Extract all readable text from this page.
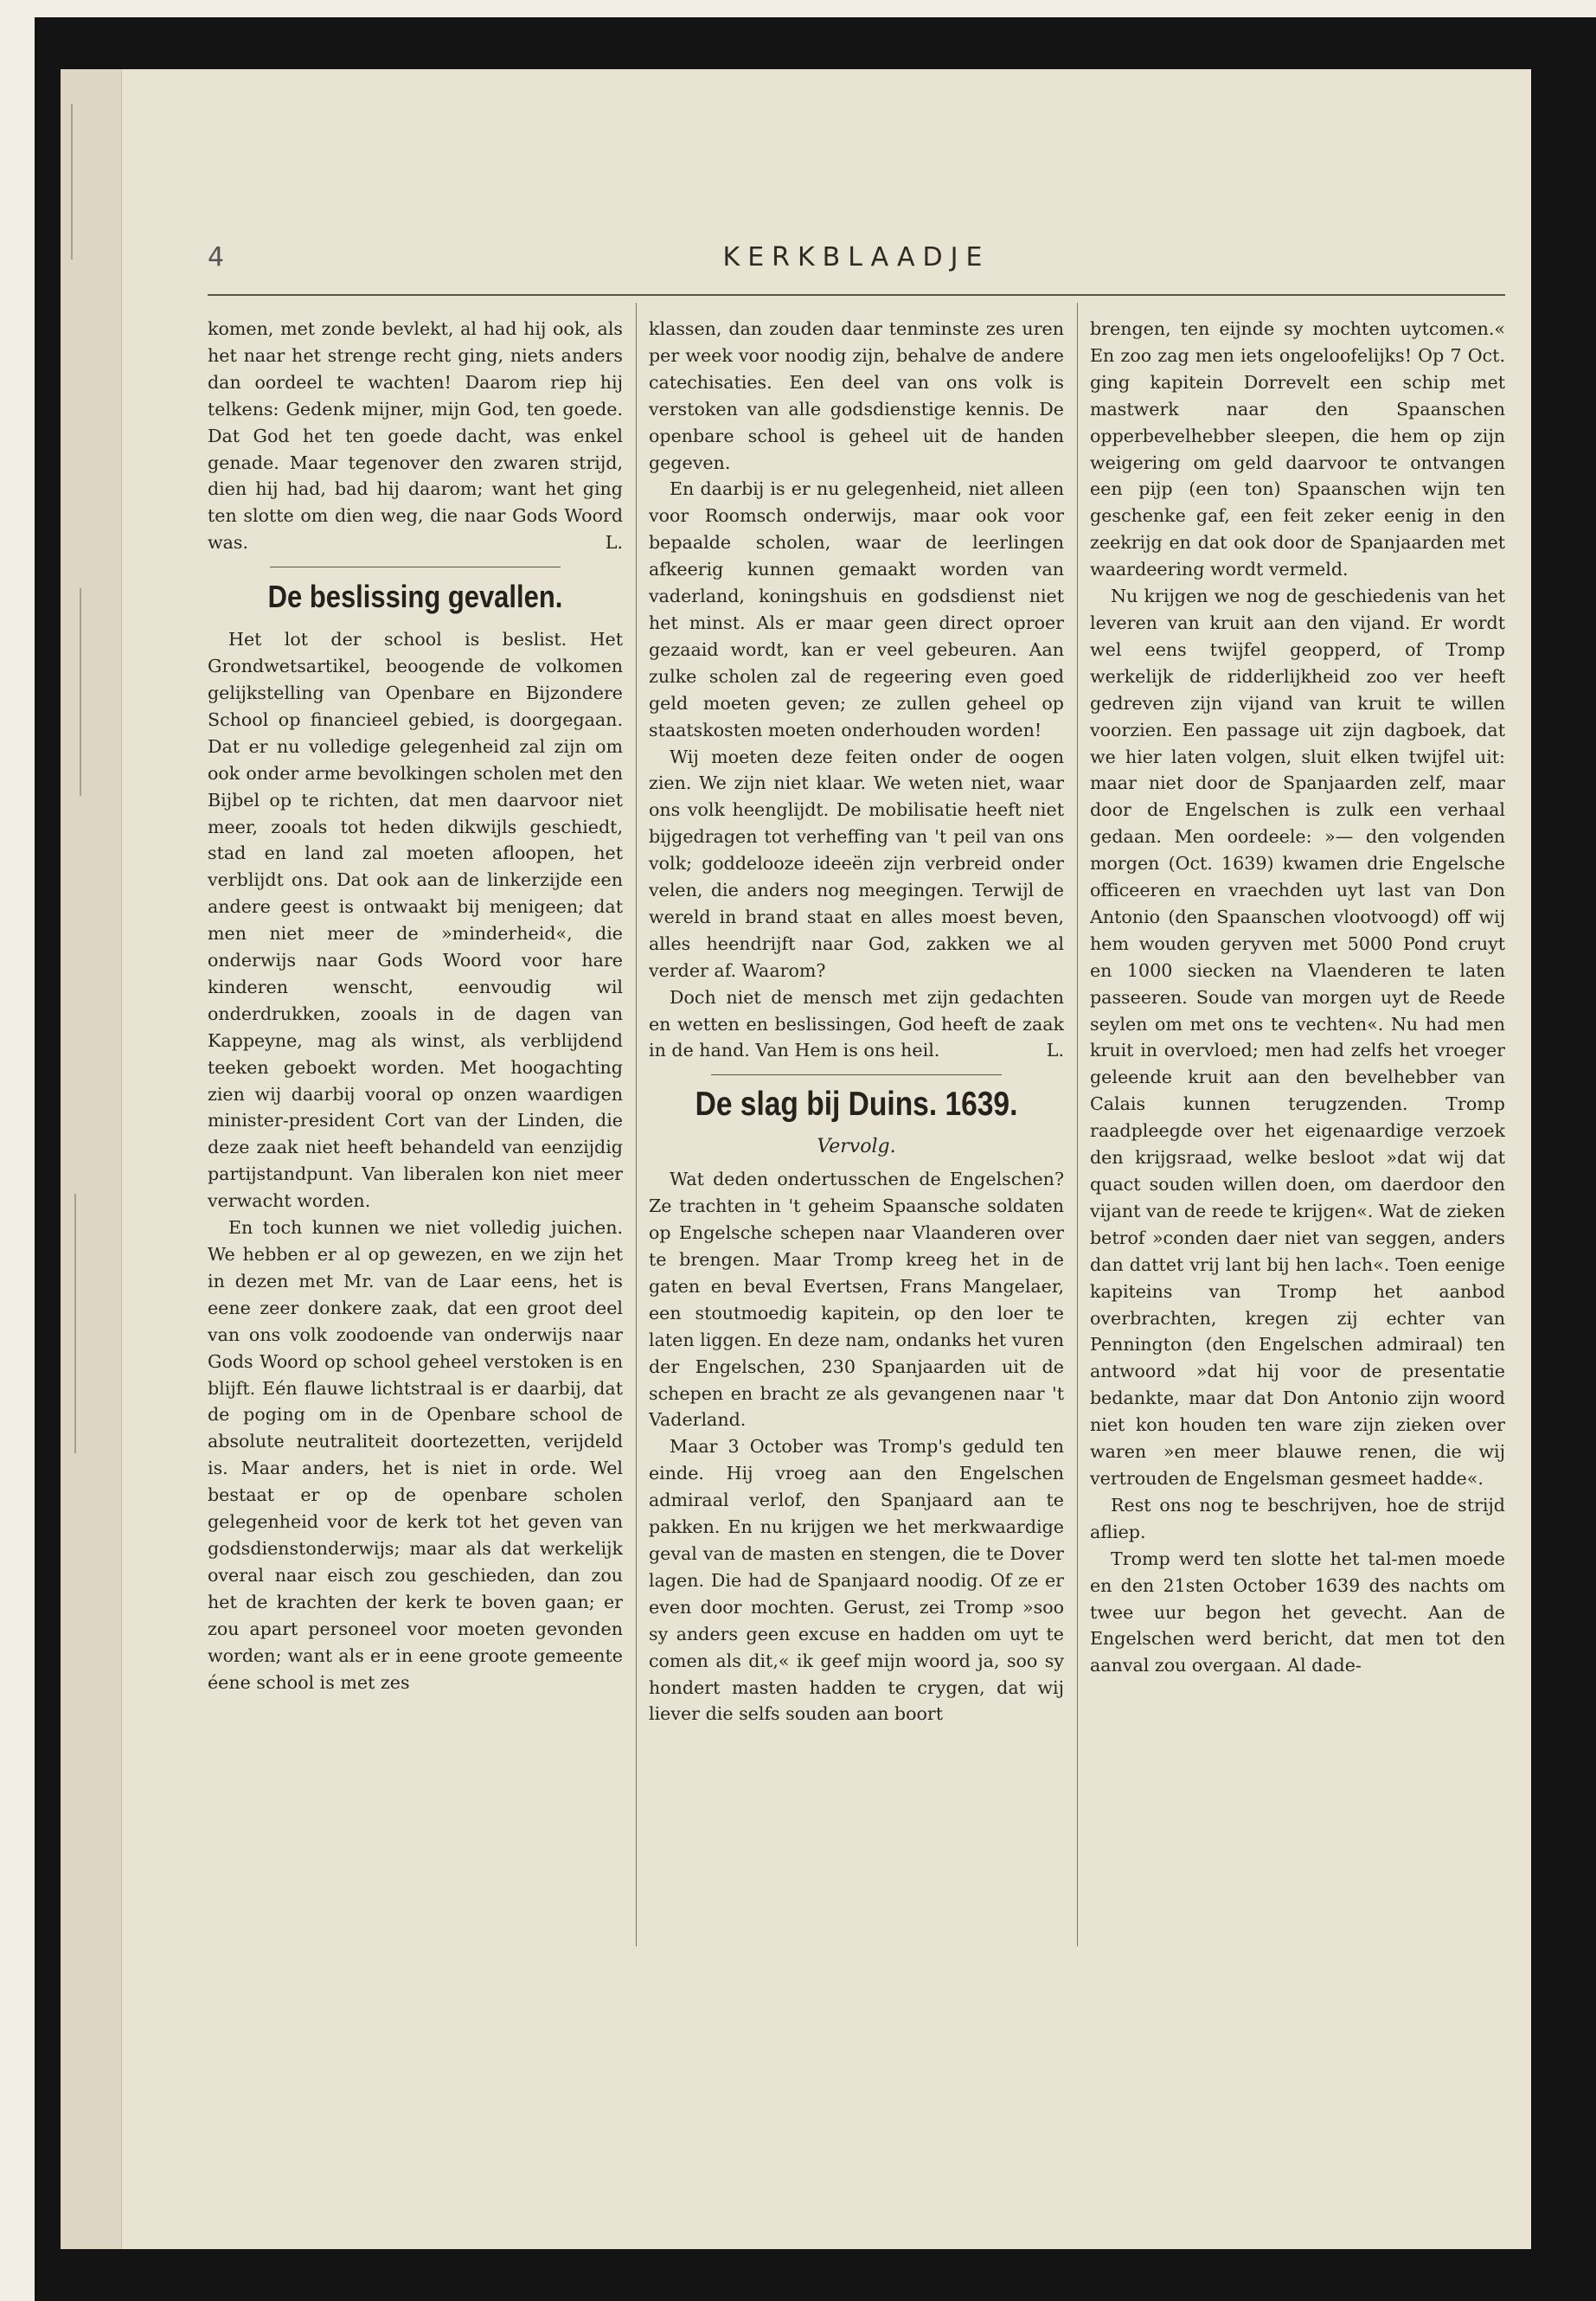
4	KERKBLAADJE

komen, met zonde bevlekt, al had hij ook, als het naar het strenge recht ging, niets anders dan oordeel te wachten! Daarom riep hij telkens: Gedenk mijner, mijn God, ten goede. Dat God het ten goede dacht, was enkel genade. Maar tegenover den zwaren strijd, dien hij had, bad hij daarom; want het ging ten slotte om dien weg, die naar Gods Woord was.	L.

De beslissing gevallen.

Het lot der school is beslist. Het Grondwetsartikel, beoogende de volkomen gelijkstelling van Openbare en Bijzondere School op financieel gebied, is doorgegaan. Dat er nu volledige gelegenheid zal zijn om ook onder arme bevolkingen scholen met den Bijbel op te richten, dat men daarvoor niet meer, zooals tot heden dikwijls geschiedt, stad en land zal moeten afloopen, het verblijdt ons. Dat ook aan de linkerzijde een andere geest is ontwaakt bij menigeen; dat men niet meer de »minderheid«, die onderwijs naar Gods Woord voor hare kinderen wenscht, eenvoudig wil onderdrukken, zooals in de dagen van Kappeyne, mag als winst, als verblijdend teeken geboekt worden. Met hoogachting zien wij daarbij vooral op onzen waardigen minister-president Cort van der Linden, die deze zaak niet heeft behandeld van eenzijdig partijstandpunt. Van liberalen kon niet meer verwacht worden.

En toch kunnen we niet volledig juichen. We hebben er al op gewezen, en we zijn het in dezen met Mr. van de Laar eens, het is eene zeer donkere zaak, dat een groot deel van ons volk zoodoende van onderwijs naar Gods Woord op school geheel verstoken is en blijft. Eén flauwe lichtstraal is er daarbij, dat de poging om in de Openbare school de absolute neutraliteit doortezetten, verijdeld is. Maar anders, het is niet in orde. Wel bestaat er op de openbare scholen gelegenheid voor de kerk tot het geven van godsdienstonderwijs; maar als dat werkelijk overal naar eisch zou geschieden, dan zou het de krachten der kerk te boven gaan; er zou apart personeel voor moeten gevonden worden; want als er in eene groote gemeente éene school is met zes

klassen, dan zouden daar tenminste zes uren per week voor noodig zijn, behalve de andere catechisaties. Een deel van ons volk is verstoken van alle godsdienstige kennis. De openbare school is geheel uit de handen gegeven.

En daarbij is er nu gelegenheid, niet alleen voor Roomsch onderwijs, maar ook voor bepaalde scholen, waar de leerlingen afkeerig kunnen gemaakt worden van vaderland, koningshuis en godsdienst niet het minst. Als er maar geen direct oproer gezaaid wordt, kan er veel gebeuren. Aan zulke scholen zal de regeering even goed geld moeten geven; ze zullen geheel op staatskosten moeten onderhouden worden!

Wij moeten deze feiten onder de oogen zien. We zijn niet klaar. We weten niet, waar ons volk heenglijdt. De mobilisatie heeft niet bijgedragen tot verheffing van 't peil van ons volk; goddelooze ideeën zijn verbreid onder velen, die anders nog meegingen. Terwijl de wereld in brand staat en alles moest beven, alles heendrijft naar God, zakken we al verder af. Waarom?

Doch niet de mensch met zijn gedachten en wetten en beslissingen, God heeft de zaak in de hand. Van Hem is ons heil.	L.

De slag bij Duins. 1639.
Vervolg.

Wat deden ondertusschen de Engelschen? Ze trachten in 't geheim Spaansche soldaten op Engelsche schepen naar Vlaanderen over te brengen. Maar Tromp kreeg het in de gaten en beval Evertsen, Frans Mangelaer, een stoutmoedig kapitein, op den loer te laten liggen. En deze nam, ondanks het vuren der Engelschen, 230 Spanjaarden uit de schepen en bracht ze als gevangenen naar 't Vaderland.

Maar 3 October was Tromp's geduld ten einde. Hij vroeg aan den Engelschen admiraal verlof, den Spanjaard aan te pakken. En nu krijgen we het merkwaardige geval van de masten en stengen, die te Dover lagen. Die had de Spanjaard noodig. Of ze er even door mochten. Gerust, zei Tromp »soo sy anders geen excuse en hadden om uyt te comen als dit,« ik geef mijn woord ja, soo sy hondert masten hadden te crygen, dat wij liever die selfs souden aan boort

brengen, ten eijnde sy mochten uytcomen.« En zoo zag men iets ongeloofelijks! Op 7 Oct. ging kapitein Dorrevelt een schip met mastwerk naar den Spaanschen opperbevelhebber sleepen, die hem op zijn weigering om geld daarvoor te ontvangen een pijp (een ton) Spaanschen wijn ten geschenke gaf, een feit zeker eenig in den zeekrijg en dat ook door de Spanjaarden met waardeering wordt vermeld.

Nu krijgen we nog de geschiedenis van het leveren van kruit aan den vijand. Er wordt wel eens twijfel geopperd, of Tromp werkelijk de ridderlijkheid zoo ver heeft gedreven zijn vijand van kruit te willen voorzien. Een passage uit zijn dagboek, dat we hier laten volgen, sluit elken twijfel uit: maar niet door de Spanjaarden zelf, maar door de Engelschen is zulk een verhaal gedaan. Men oordeele: »— den volgenden morgen (Oct. 1639) kwamen drie Engelsche officeeren en vraechden uyt last van Don Antonio (den Spaanschen vlootvoogd) off wij hem wouden geryven met 5000 Pond cruyt en 1000 siecken na Vlaenderen te laten passeeren. Soude van morgen uyt de Reede seylen om met ons te vechten«. Nu had men kruit in overvloed; men had zelfs het vroeger geleende kruit aan den bevelhebber van Calais kunnen terugzenden. Tromp raadpleegde over het eigenaardige verzoek den krijgsraad, welke besloot »dat wij dat quact souden willen doen, om daerdoor den vijant van de reede te krijgen«. Wat de zieken betrof »conden daer niet van seggen, anders dan dattet vrij lant bij hen lach«. Toen eenige kapiteins van Tromp het aanbod overbrachten, kregen zij echter van Pennington (den Engelschen admiraal) ten antwoord »dat hij voor de presentatie bedankte, maar dat Don Antonio zijn woord niet kon houden ten ware zijn zieken over waren »en meer blauwe renen, die wij vertrouden de Engelsman gesmeet hadde«.

Rest ons nog te beschrijven, hoe de strijd afliep.

Tromp werd ten slotte het tal-men moede en den 21sten October 1639 des nachts om twee uur begon het gevecht. Aan de Engelschen werd bericht, dat men tot den aanval zou overgaan. Al dade-
